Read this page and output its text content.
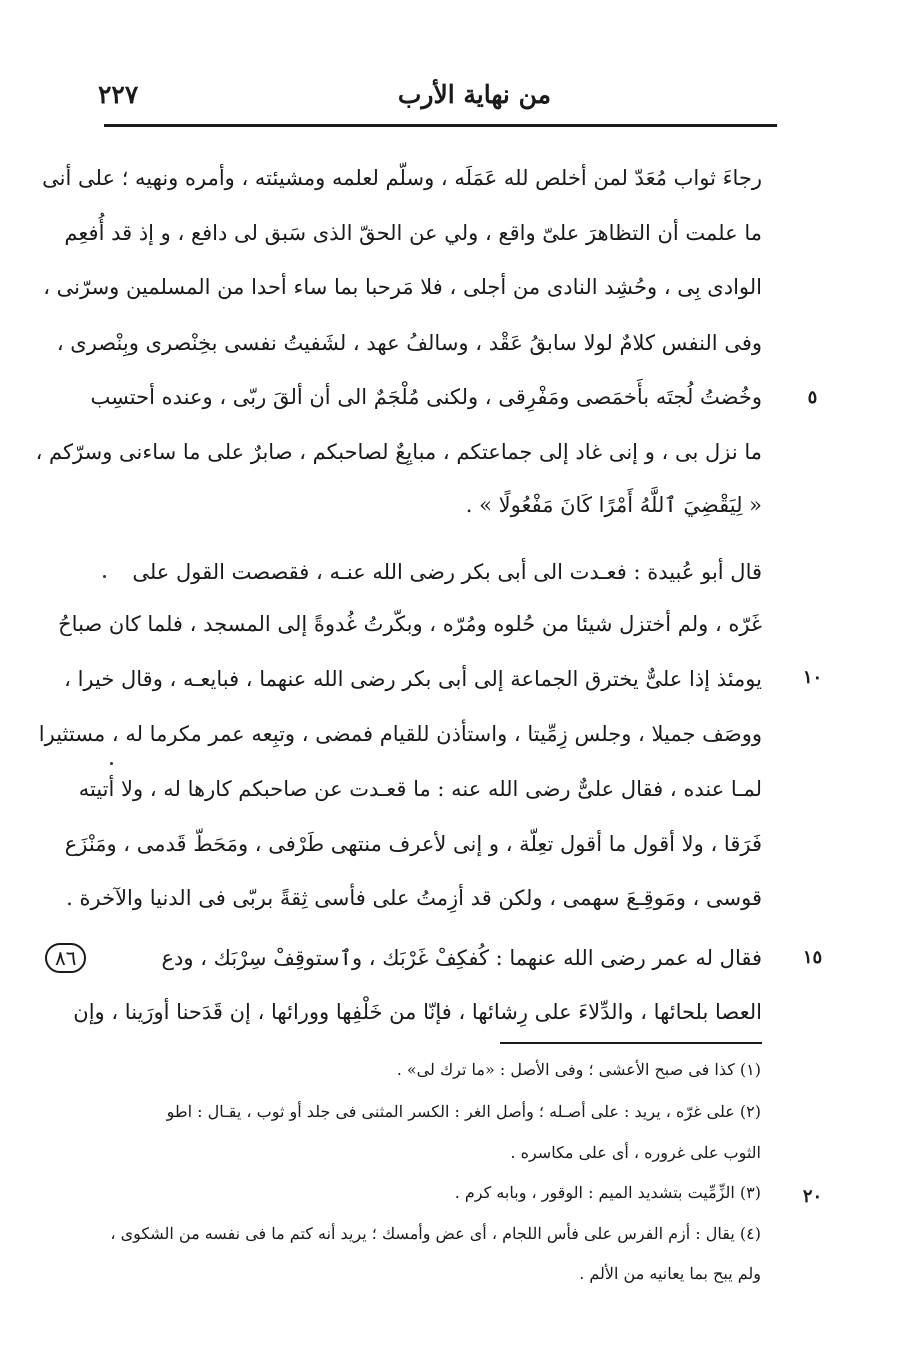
من نهاية الأرب
٢٢٧
رجاءَ ثواب مُعَدّ لمن أخلص لله عَمَلَه ، وسلّم لعلمه ومشيئته ، وأمره ونهيه ؛ على أنى
ما علمت أن التظاهرَ علىّ واقع ، ولي عن الحقّ الذى سَبق لى دافع ، و إذ قد أُفعِم
الوادى بِى ، وحُشِد النادى من أجلى ، فلا مَرحبا بما ساء أحدا من المسلمين وسرّنى ،
وفى النفس كلامٌ لولا سابقُ عَقْد ، وسالفُ عهد ، لشَفيتُ نفسى بخِنْصرى وبِنْصرى ،
وخُضتُ لُجتَه بأَخمَصى ومَفْرِقى ، ولكنى مُلْجَمٌ الى أن ألقَ ربّى ، وعنده أحتسِب
ما نزل بى ، و إنى غاد إلى جماعتكم ، مبايِعٌ لصاحبكم ، صابرٌ على ما ساءنى وسرّكم ،
« لِيَقْضِيَ ٱللَّهُ أَمْرًا كَانَ مَفْعُولًا » .
قال أبو عُبيدة : فعـدت الى أبى بكر رضى الله عنـه ، فقصصت القول على
غَرّه ، ولم أختزل شيئا من حُلوه ومُرّه ، وبكّرتُ غُدوةً إلى المسجد ، فلما كان صباحُ
يومئذ إذا علىٌّ يخترق الجماعة إلى أبى بكر رضى الله عنهما ، فبايعـه ، وقال خيرا ،
ووصَف جميلا ، وجلس زِمِّيتا ، واستأذن للقيام فمضى ، وتبِعه عمر مكرما له ، مستثيرا
لمـا عنده ، فقال علىٌّ رضى الله عنه : ما قعـدت عن صاحبكم كارها له ، ولا أتيته
فَرَقا ، ولا أقول ما أقول تعِلّة ، و إنى لأعرف منتهى طَرْفى ، ومَحَطّ قَدمى ، ومَنْزَع
قوسى ، ومَوقِـعَ سهمى ، ولكن قد أزِمتُ على فأسى ثِقةً بربّى فى الدنيا والآخرة .
فقال له عمر رضى الله عنهما : كُفكِفْ غَرْبَك ، وٱستوقِفْ سِرْبَك ، ودع
العصا بلحائها ، والدِّلاءَ على رِشائها ، فإنّا من خَلْفِها وورائها ، إن قَدَحنا أورَينا ، وإن
٥
١٠
١٥
٢٠
٨٦
(١) كذا فى صبح الأعشى ؛ وفى الأصل : «ما ترك لى» .
(٢) على غرّه ، يريد : على أصـله ؛ وأصل الغر : الكسر المثنى فى جلد أو ثوب ، يقـال : اطو
الثوب على غروره ، أى على مكاسره .
(٣) الزِّمِّيت بتشديد الميم : الوقور ، وبابه كرم .
(٤) يقال : أزم الفرس على فأس اللجام ، أى عض وأمسك ؛ يريد أنه كتم ما فى نفسه من الشكوى ،
ولم يبح بما يعانيه من الألم .
